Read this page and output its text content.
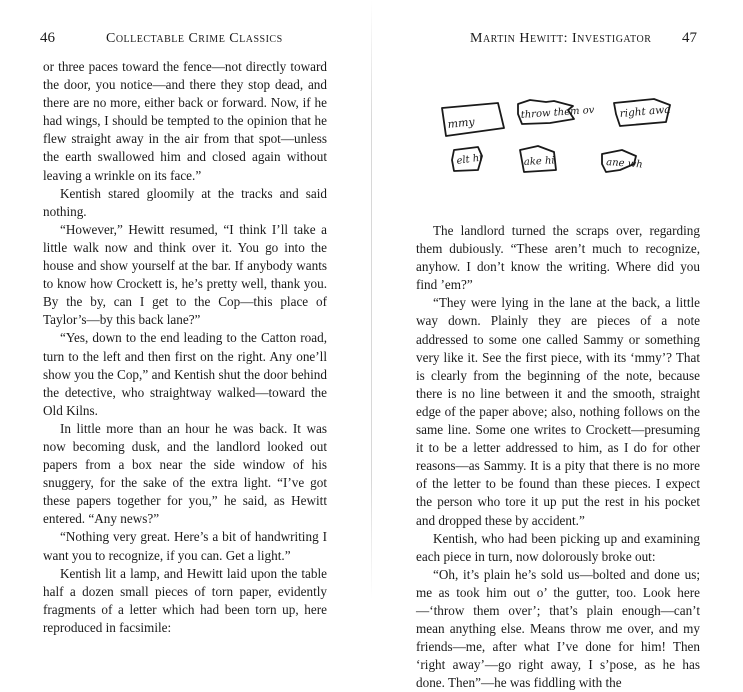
46	Collectable Crime Classics

or three paces toward the fence—not directly toward the door, you notice—and there they stop dead, and there are no more, either back or forward. Now, if he had wings, I should be tempted to the opinion that he flew straight away in the air from that spot—unless the earth swallowed him and closed again without leaving a wrinkle on its face.”

Kentish stared gloomily at the tracks and said nothing.

“However,” Hewitt resumed, “I think I’ll take a little walk now and think over it. You go into the house and show yourself at the bar. If anybody wants to know how Crockett is, he’s pretty well, thank you. By the by, can I get to the Cop—this place of Taylor’s—by this back lane?”

“Yes, down to the end leading to the Catton road, turn to the left and then first on the right. Any one’ll show you the Cop,” and Kentish shut the door behind the detective, who straightway walked—toward the Old Kilns.

In little more than an hour he was back. It was now becoming dusk, and the landlord looked out papers from a box near the side window of his snuggery, for the sake of the extra light. “I’ve got these papers together for you,” he said, as Hewitt entered. “Any news?”

“Nothing very great. Here’s a bit of handwriting I want you to recognize, if you can. Get a light.”

Kentish lit a lamp, and Hewitt laid upon the table half a dozen small pieces of torn paper, evidently fragments of a letter which had been torn up, here reproduced in facsimile:

Martin Hewitt: Investigator 47
mmy
throw them ov right awa
elt hi	ake hi	ane wh

The landlord turned the scraps over, regarding them dubiously. “These aren’t much to recognize, anyhow. I don’t know the writing. Where did you find ’em?”

“They were lying in the lane at the back, a little way down. Plainly they are pieces of a note addressed to some one called Sammy or something very like it. See the first piece, with its ‘mmy’? That is clearly from the beginning of the note, because there is no line between it and the smooth, straight edge of the paper above; also, nothing follows on the same line. Some one writes to Crockett—presuming it to be a letter addressed to him, as I do for other reasons—as Sammy. It is a pity that there is no more of the letter to be found than these pieces. I expect the person who tore it up put the rest in his pocket and dropped these by accident.”

Kentish, who had been picking up and examining each piece in turn, now dolorously broke out:

“Oh, it’s plain he’s sold us—bolted and done us; me as took him out o’ the gutter, too. Look here—‘throw them over’; that’s plain enough—can’t mean anything else. Means throw me over, and my friends—me, after what I’ve done for him! Then ‘right away’—go right away, I s’pose, as he has done. Then”—he was fiddling with the
